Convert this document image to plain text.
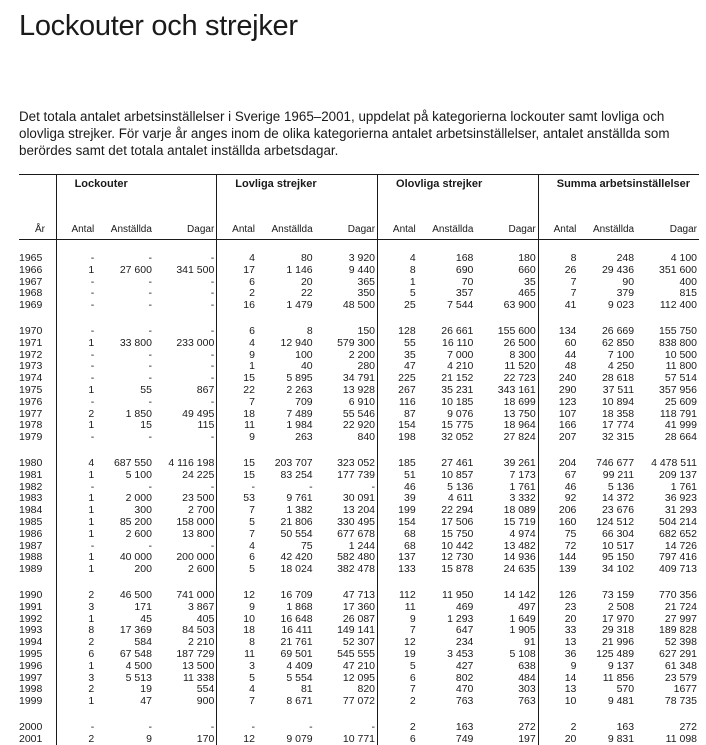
Lockouter och strejker

Det totala antalet arbetsinställelser i Sverige 1965–2001, uppdelat på kategorierna lockouter samt lovliga och olovliga strejker. För varje år anges inom de olika kategorierna antalet arbetsinställelser, antalet anställda som berördes samt det totala antalet inställda arbetsdagar.

	Lockouter			Lovliga strejker			Olovliga strejker			Summa arbetsinställelser		
År	Antal	Anställda	Dagar	Antal	Anställda	Dagar	Antal	Anställda	Dagar	Antal	Anställda	Dagar

1965	-	-	-	4	80	3 920	4	168	180	8	248	4 100
1966	1	27 600	341 500	17	1 146	9 440	8	690	660	26	29 436	351 600
1967	-	-	-	6	20	365	1	70	35	7	90	400
1968	-	-	-	2	22	350	5	357	465	7	379	815
1969	-	-	-	16	1 479	48 500	25	7 544	63 900	41	9 023	112 400

1970	-	-	-	6	8	150	128	26 661	155 600	134	26 669	155 750
1971	1	33 800	233 000	4	12 940	579 300	55	16 110	26 500	60	62 850	838 800
1972	-	-	-	9	100	2 200	35	7 000	8 300	44	7 100	10 500
1973	-	-	-	1	40	280	47	4 210	11 520	48	4 250	11 800
1974	-	-	-	15	5 895	34 791	225	21 152	22 723	240	28 618	57 514
1975	1	55	867	22	2 263	13 928	267	35 231	343 161	290	37 511	357 956
1976	-	-	-	7	709	6 910	116	10 185	18 699	123	10 894	25 609
1977	2	1 850	49 495	18	7 489	55 546	87	9 076	13 750	107	18 358	118 791
1978	1	15	115	11	1 984	22 920	154	15 775	18 964	166	17 774	41 999
1979	-	-	-	9	263	840	198	32 052	27 824	207	32 315	28 664

1980	4	687 550	4 116 198	15	203 707	323 052	185	27 461	39 261	204	746 677	4 478 511
1981	1	5 100	24 225	15	83 254	177 739	51	10 857	7 173	67	99 211	209 137
1982	-	-	-	-	-	-	46	5 136	1 761	46	5 136	1 761
1983	1	2 000	23 500	53	9 761	30 091	39	4 611	3 332	92	14 372	36 923
1984	1	300	2 700	7	1 382	13 204	199	22 294	18 089	206	23 676	31 293
1985	1	85 200	158 000	5	21 806	330 495	154	17 506	15 719	160	124 512	504 214
1986	1	2 600	13 800	7	50 554	677 678	68	15 750	4 974	75	66 304	682 652
1987	-	-	-	4	75	1 244	68	10 442	13 482	72	10 517	14 726
1988	1	40 000	200 000	6	42 420	582 480	137	12 730	14 936	144	95 150	797 416
1989	1	200	2 600	5	18 024	382 478	133	15 878	24 635	139	34 102	409 713

1990	2	46 500	741 000	12	16 709	47 713	112	11 950	14 142	126	73 159	770 356
1991	3	171	3 867	9	1 868	17 360	11	469	497	23	2 508	21 724
1992	1	45	405	10	16 648	26 087	9	1 293	1 649	20	17 970	27 997
1993	8	17 369	84 503	18	16 411	149 141	7	647	1 905	33	29 318	189 828
1994	2	584	2 210	8	21 761	52 307	12	234	91	13	21 996	52 398
1995	6	67 548	187 729	11	69 501	545 555	19	3 453	5 108	36	125 489	627 291
1996	1	4 500	13 500	3	4 409	47 210	5	427	638	9	9 137	61 348
1997	3	5 513	11 338	5	5 554	12 095	6	802	484	14	11 856	23 579
1998	2	19	554	4	81	820	7	470	303	13	570	1677
1999	1	47	900	7	8 671	77 072	2	763	763	10	9 481	78 735

2000	-	-	-	-	-	-	2	163	272	2	163	272
2001	2	9	170	12	9 079	10 771	6	749	197	20	9 831	11 098
